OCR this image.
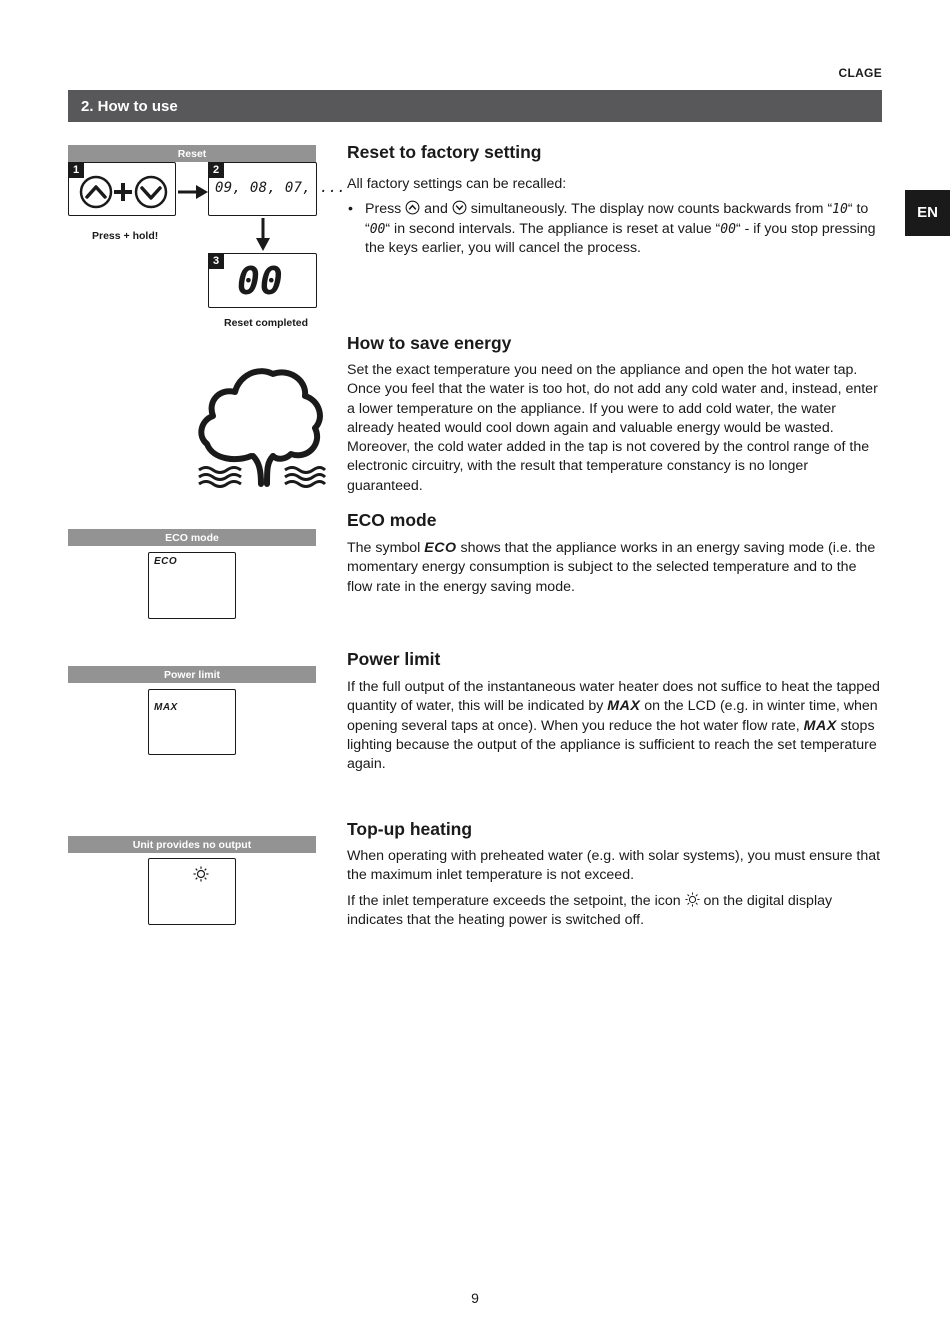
CLAGE
2. How to use
EN
Reset
1
09, 08, 07, ...
2
00
3
Press + hold!
Reset completed
ECO mode
ECO
Power limit
MAX
Unit provides no output
Reset to factory setting

All factory settings can be recalled:

• Press and simultaneously. The display now counts backwards from “10“ to “00“ in second intervals. The appliance is reset at value “00“ - if you stop pressing the keys earlier, you will cancel the process.
How to save energy

Set the exact temperature you need on the appliance and open the hot water tap. Once you feel that the water is too hot, do not add any cold water and, instead, enter a lower temperature on the appliance. If you were to add cold water, the water already heated would cool down again and valuable energy would be wasted. Moreover, the cold water added in the tap is not covered by the control range of the electronic circuitry, with the result that temperature constancy is no longer guaranteed.

ECO mode

The symbol ECO shows that the appliance works in an energy saving mode (i.e. the momentary energy consumption is subject to the selected temperature and to the flow rate in the energy saving mode.

Power limit

If the full output of the instantaneous water heater does not suffice to heat the tapped quantity of water, this will be indicated by MAX on the LCD (e.g. in winter time, when opening several taps at once). When you reduce the hot water flow rate, MAX stops lighting because the output of the appliance is sufficient to reach the set temperature again.

Top-up heating

When operating with preheated water (e.g. with solar systems), you must ensure that the maximum inlet temperature is not exceed.

If the inlet temperature exceeds the setpoint, the icon on the digital display indicates that the heating power is switched off.

9
